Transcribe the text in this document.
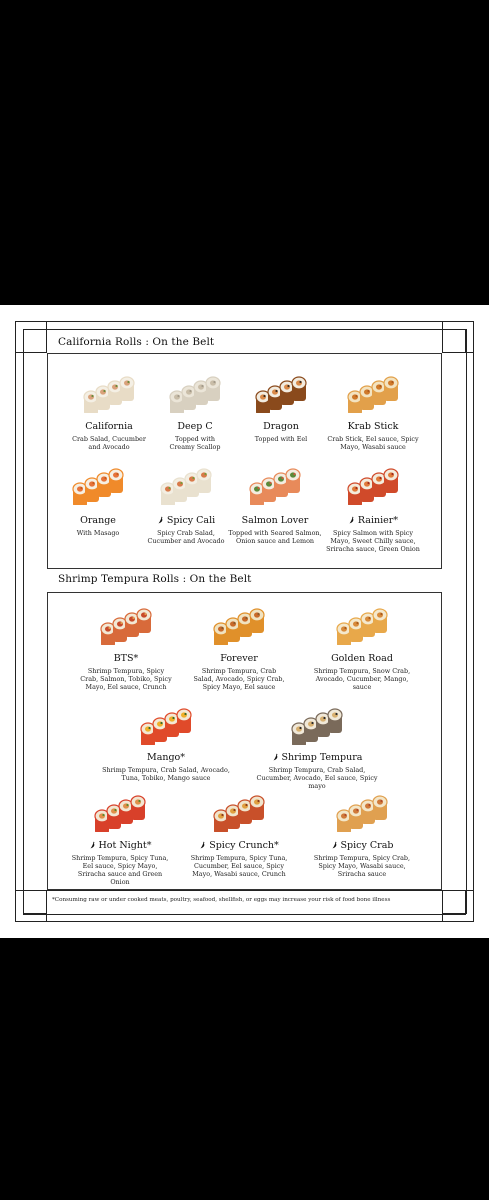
California Rolls : On the Belt
Shrimp Tempura Rolls : On the Belt
California
Crab Salad, Cucumber and Avocado
Deep C
Topped with Creamy Scallop
Dragon
Topped with Eel
Krab Stick
Crab Stick, Eel sauce, Spicy Mayo, Wasabi sauce
Orange
With Masago
Spicy Cali
Spicy Crab Salad, Cucumber and Avocado
Salmon Lover
Topped with Seared Salmon, Onion sauce and Lemon
Rainier*
Spicy Salmon with Spicy Mayo, Sweet Chilly sauce, Sriracha sauce, Green Onion
BTS*
Shrimp Tempura, Spicy Crab, Salmon, Tobiko, Spicy Mayo, Eel sauce, Crunch
Forever
Shrimp Tempura, Crab Salad, Avocado, Spicy Crab, Spicy Mayo, Eel sauce
Golden Road
Shrimp Tempura, Snow Crab, Avocado, Cucumber, Mango, sauce
Mango*
Shrimp Tempura, Crab Salad, Avocado, Tuna, Tobiko, Mango sauce
Shrimp Tempura
Shrimp Tempura, Crab Salad, Cucumber, Avocado, Eel sauce, Spicy mayo
Hot Night*
Shrimp Tempura, Spicy Tuna, Eel sauce, Spicy Mayo, Sriracha sauce and Green Onion
Spicy Crunch*
Shrimp Tempura, Spicy Tuna, Cucumber, Eel sauce, Spicy Mayo, Wasabi sauce, Crunch
Spicy Crab
Shrimp Tempura, Spicy Crab, Spicy Mayo, Wasabi sauce, Sriracha sauce
*Consuming raw or under cooked meats, poultry, seafood, shellfish, or eggs may increase your risk of food bone illness
